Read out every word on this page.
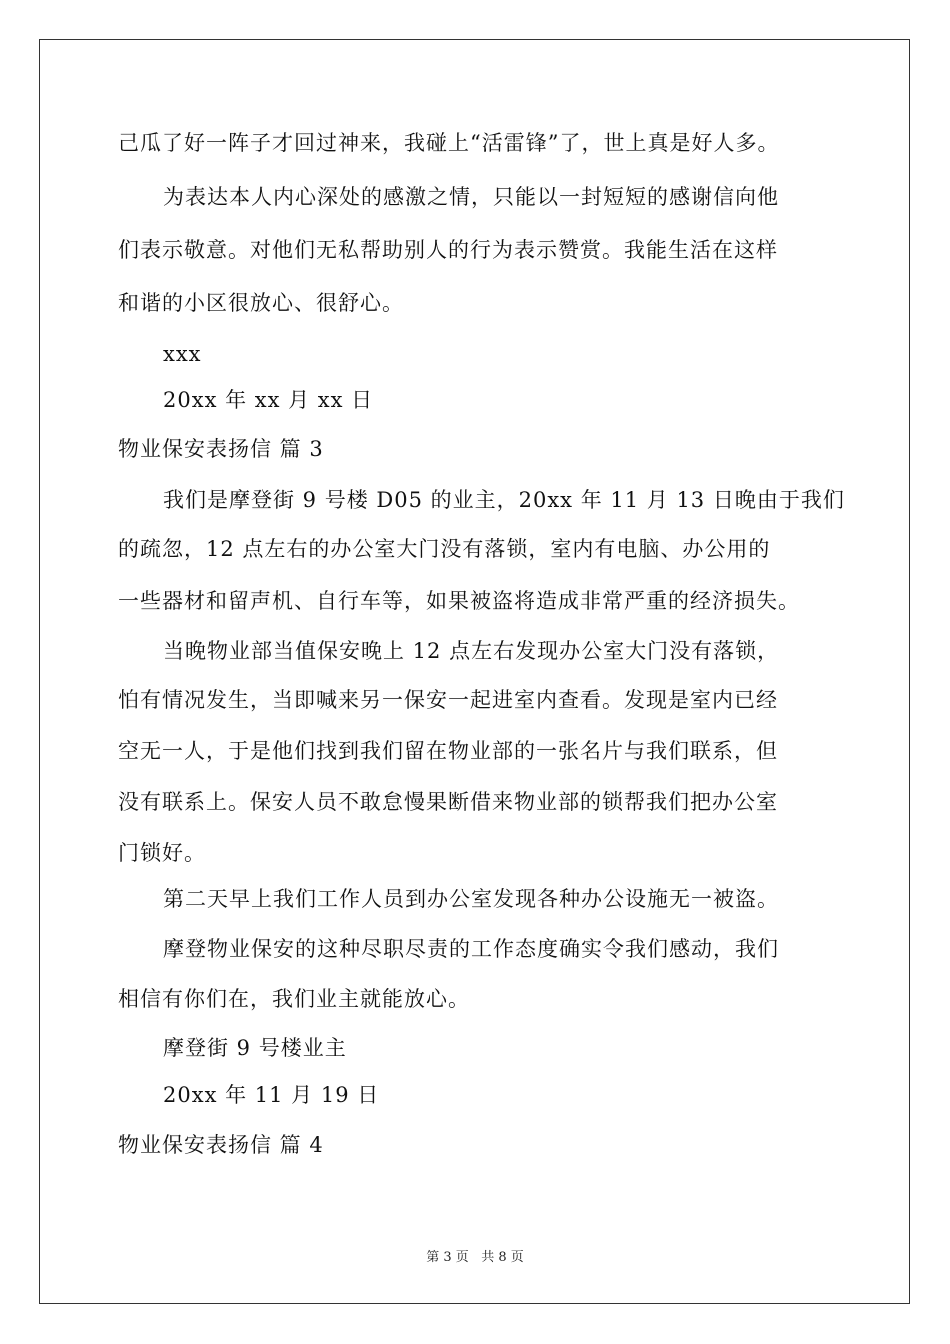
己瓜了好一阵子才回过神来，我碰上“活雷锋”了，世上真是好人多。
为表达本人内心深处的感激之情，只能以一封短短的感谢信向他
们表示敬意。对他们无私帮助别人的行为表示赞赏。我能生活在这样
和谐的小区很放心、很舒心。
xxx
20xx 年 xx 月 xx 日
物业保安表扬信 篇 3
我们是摩登街 9 号楼 D05 的业主，20xx 年 11 月 13 日晚由于我们
的疏忽，12 点左右的办公室大门没有落锁，室内有电脑、办公用的
一些器材和留声机、自行车等，如果被盗将造成非常严重的经济损失。
当晚物业部当值保安晚上 12 点左右发现办公室大门没有落锁，
怕有情况发生，当即喊来另一保安一起进室内查看。发现是室内已经
空无一人，于是他们找到我们留在物业部的一张名片与我们联系，但
没有联系上。保安人员不敢怠慢果断借来物业部的锁帮我们把办公室
门锁好。
第二天早上我们工作人员到办公室发现各种办公设施无一被盗。
摩登物业保安的这种尽职尽责的工作态度确实令我们感动，我们
相信有你们在，我们业主就能放心。
摩登街 9 号楼业主
20xx 年 11 月 19 日
物业保安表扬信 篇 4
第 3 页   共 8 页
